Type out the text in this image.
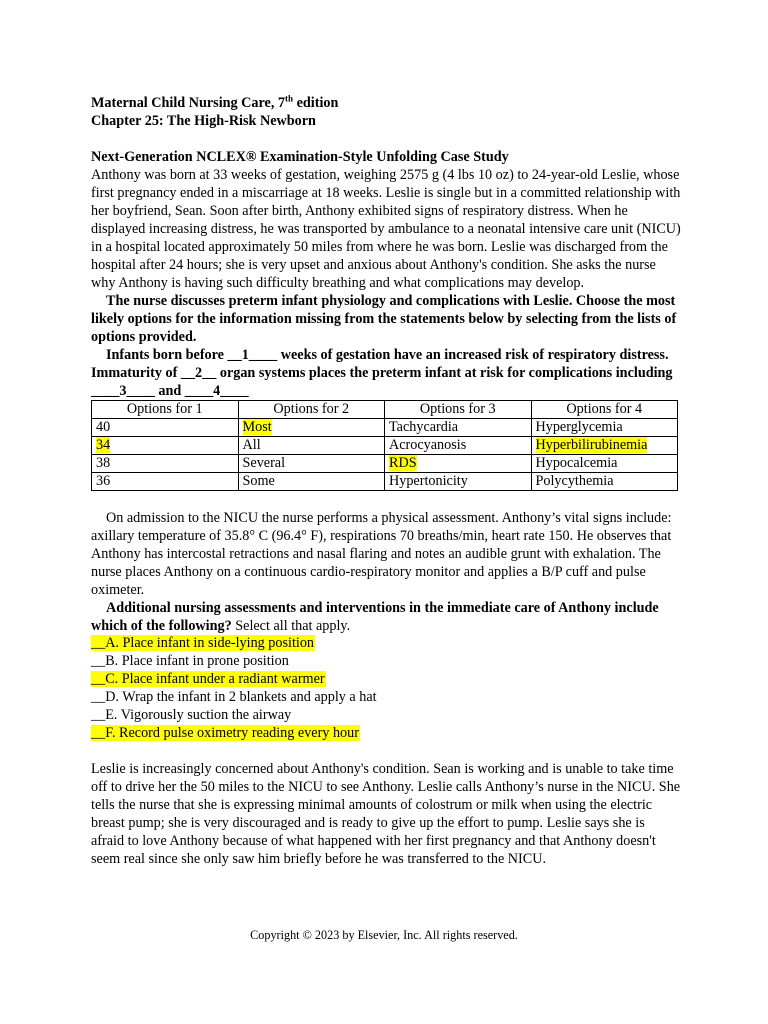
Maternal Child Nursing Care, 7th edition
Chapter 25: The High-Risk Newborn
Next-Generation NCLEX® Examination-Style Unfolding Case Study

Anthony was born at 33 weeks of gestation, weighing 2575 g (4 lbs 10 oz) to 24-year-old Leslie, whose first pregnancy ended in a miscarriage at 18 weeks. Leslie is single but in a committed relationship with her boyfriend, Sean. Soon after birth, Anthony exhibited signs of respiratory distress. When he displayed increasing distress, he was transported by ambulance to a neonatal intensive care unit (NICU) in a hospital located approximately 50 miles from where he was born. Leslie was discharged from the hospital after 24 hours; she is very upset and anxious about Anthony's condition. She asks the nurse why Anthony is having such difficulty breathing and what complications may develop.

The nurse discusses preterm infant physiology and complications with Leslie. Choose the most likely options for the information missing from the statements below by selecting from the lists of options provided.

Infants born before __1____ weeks of gestation have an increased risk of respiratory distress. Immaturity of __2__ organ systems places the preterm infant at risk for complications including ____3____ and ____4____

Options for 1	Options for 2	Options for 3	Options for 4
40	Most	Tachycardia	Hyperglycemia
34	All	Acrocyanosis	Hyperbilirubinemia
38	Several	RDS	Hypocalcemia
36	Some	Hypertonicity	Polycythemia

On admission to the NICU the nurse performs a physical assessment. Anthony’s vital signs include: axillary temperature of 35.8° C (96.4° F), respirations 70 breaths/min, heart rate 150. He observes that Anthony has intercostal retractions and nasal flaring and notes an audible grunt with exhalation. The nurse places Anthony on a continuous cardio-respiratory monitor and applies a B/P cuff and pulse oximeter.

Additional nursing assessments and interventions in the immediate care of Anthony include which of the following? Select all that apply.

__A. Place infant in side-lying position
__B. Place infant in prone position
__C. Place infant under a radiant warmer
__D. Wrap the infant in 2 blankets and apply a hat
__E. Vigorously suction the airway
__F. Record pulse oximetry reading every hour

Leslie is increasingly concerned about Anthony's condition. Sean is working and is unable to take time off to drive her the 50 miles to the NICU to see Anthony. Leslie calls Anthony’s nurse in the NICU. She tells the nurse that she is expressing minimal amounts of colostrum or milk when using the electric breast pump; she is very discouraged and is ready to give up the effort to pump. Leslie says she is afraid to love Anthony because of what happened with her first pregnancy and that Anthony doesn't seem real since she only saw him briefly before he was transferred to the NICU.

Copyright © 2023 by Elsevier, Inc. All rights reserved.
